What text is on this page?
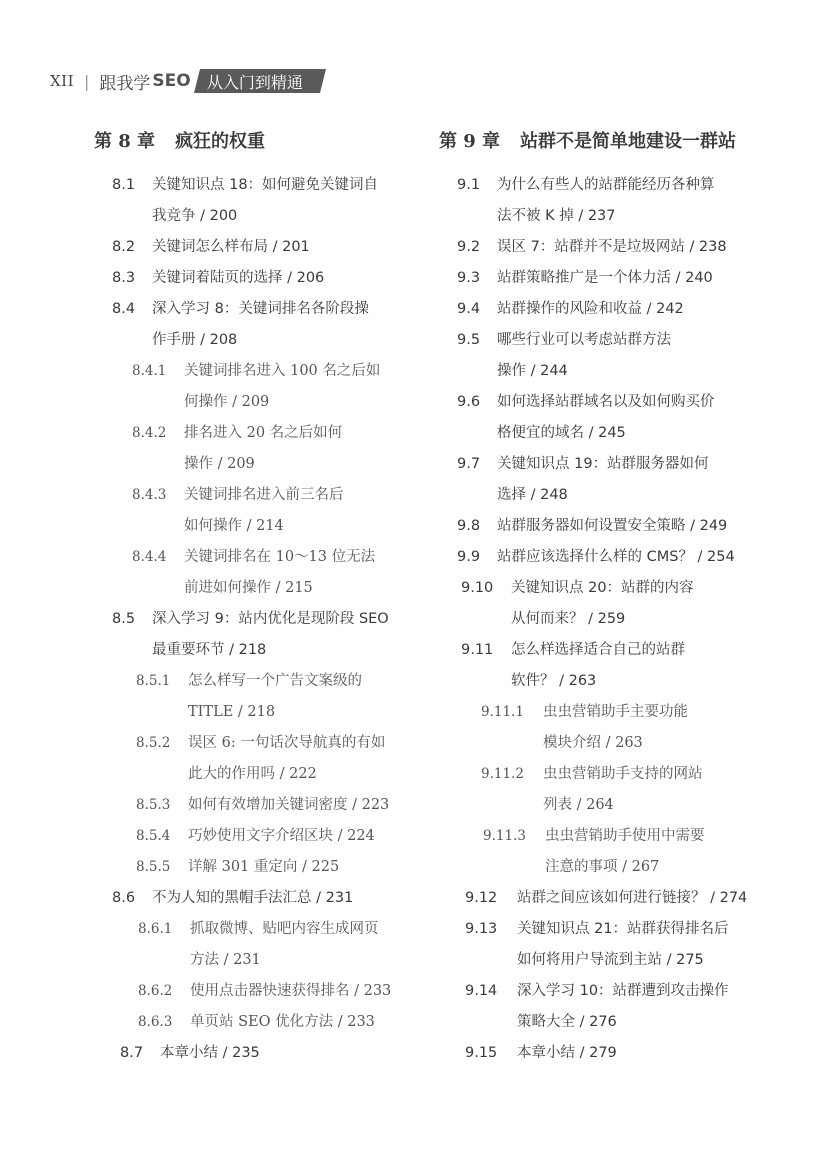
XII | 跟我学 SEO 从入门到精通
第 8 章 疯狂的权重
8.1	关键知识点 18：如何避免关键词自
我竞争 / 200
8.2	关键词怎么样布局 / 201
8.3	关键词着陆页的选择 / 206
8.4	深入学习 8：关键词排名各阶段操
作手册 / 208
8.4.1	关键词排名进入 100 名之后如
何操作 / 209
8.4.2	排名进入 20 名之后如何
操作 / 209
8.4.3	关键词排名进入前三名后
如何操作 / 214
8.4.4	关键词排名在 10～13 位无法
前进如何操作 / 215
8.5	深入学习 9：站内优化是现阶段 SEO
最重要环节 / 218
8.5.1	怎么样写一个广告文案级的
TITLE / 218
8.5.2	误区 6: 一句话次导航真的有如
此大的作用吗 / 222
8.5.3	如何有效增加关键词密度 / 223
8.5.4	巧妙使用文字介绍区块 / 224
8.5.5	详解 301 重定向 / 225
8.6	不为人知的黑帽手法汇总 / 231
8.6.1	抓取微博、贴吧内容生成网页
方法 / 231
8.6.2	使用点击器快速获得排名 / 233
8.6.3	单页站 SEO 优化方法 / 233
8.7	本章小结 / 235
第 9 章 站群不是简单地建设一群站
9.1	为什么有些人的站群能经历各种算
法不被 K 掉 / 237
9.2	误区 7：站群并不是垃圾网站 / 238
9.3	站群策略推广是一个体力活 / 240
9.4	站群操作的风险和收益 / 242
9.5	哪些行业可以考虑站群方法
操作 / 244
9.6	如何选择站群域名以及如何购买价
格便宜的域名 / 245
9.7	关键知识点 19：站群服务器如何
选择 / 248
9.8	站群服务器如何设置安全策略 / 249
9.9	站群应该选择什么样的 CMS？ / 254
9.10	关键知识点 20：站群的内容
从何而来？ / 259
9.11	怎么样选择适合自己的站群
软件？ / 263
9.11.1	虫虫营销助手主要功能
模块介绍 / 263
9.11.2	虫虫营销助手支持的网站
列表 / 264
9.11.3	虫虫营销助手使用中需要
注意的事项 / 267
9.12	站群之间应该如何进行链接？ / 274
9.13	关键知识点 21：站群获得排名后
如何将用户导流到主站 / 275
9.14	深入学习 10：站群遭到攻击操作
策略大全 / 276
9.15	本章小结 / 279
